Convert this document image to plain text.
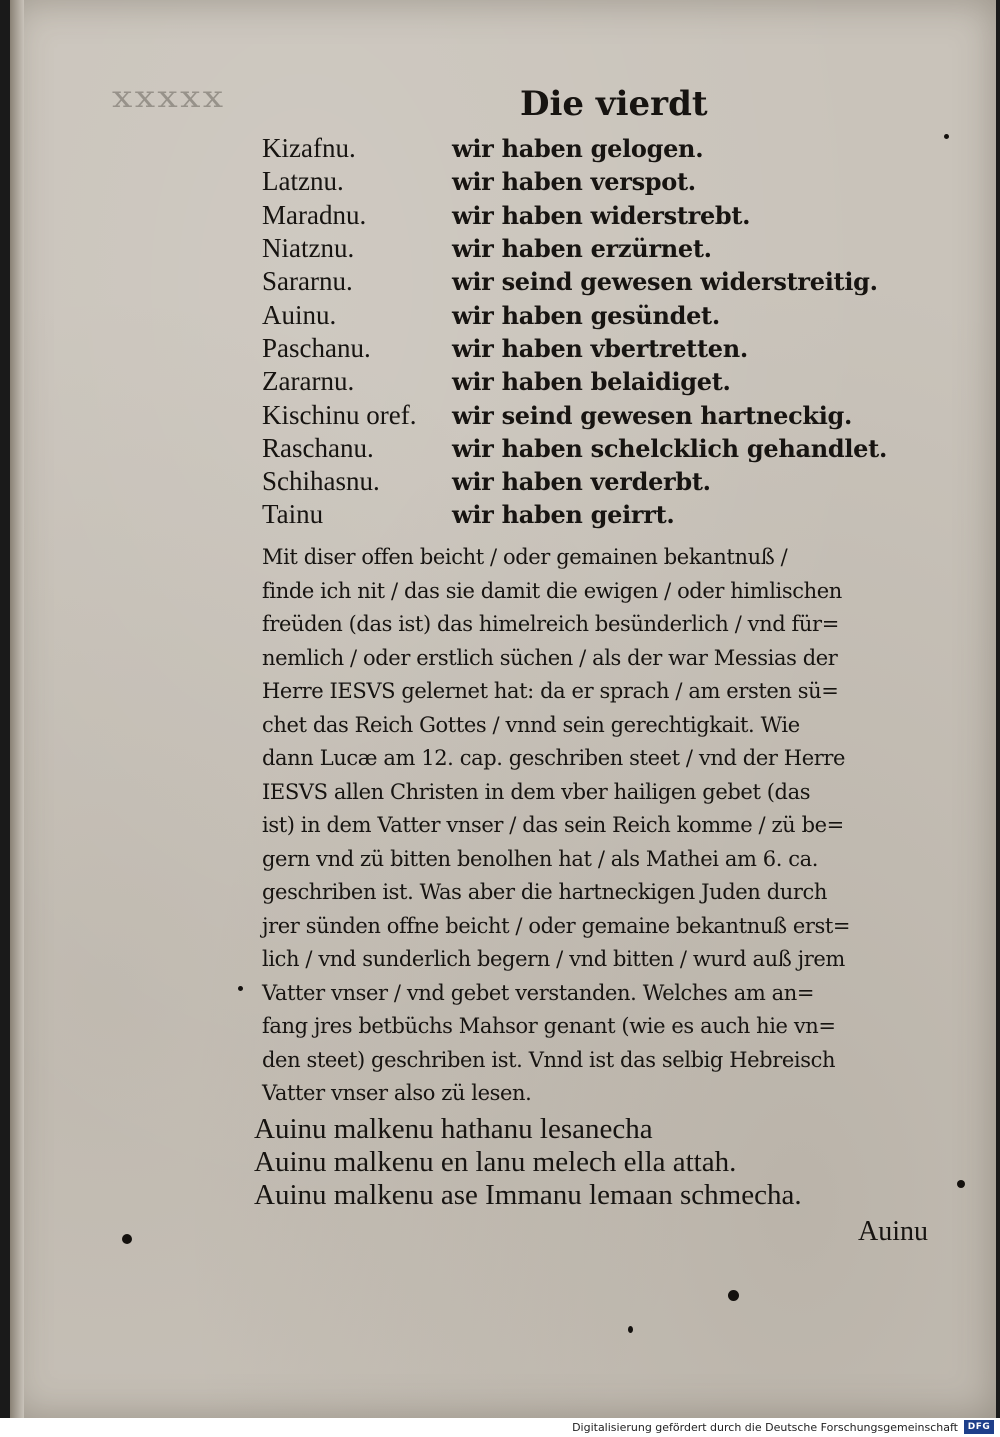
xxxxx	Die vierdt
Kizafnu.	wir haben gelogen.
Latznu.	wir haben verspot.
Maradnu.	wir haben widerstrebt.
Niatznu.	wir haben erzürnet.
Sararnu.	wir seind gewesen widerstreitig.
Auinu.	wir haben gesündet.
Paschanu.	wir haben vbertretten.
Zararnu.	wir haben belaidiget.
Kischinu oref.	wir seind gewesen hartneckig.
Raschanu.	wir haben schelcklich gehandlet.
Schihasnu.	wir haben verderbt.
Tainu	wir haben geirrt.
Mit diser offen beicht / oder gemainen bekantnuß /
finde ich nit / das sie damit die ewigen / oder himlischen
freüden (das ist) das himelreich besünderlich / vnd für=
nemlich / oder erstlich süchen / als der war Messias der
Herre IESVS gelernet hat: da er sprach / am ersten sü=
chet das Reich Gottes / vnnd sein gerechtigkait. Wie
dann Lucæ am 12. cap. geschriben steet / vnd der Herre
IESVS allen Christen in dem vber hailigen gebet (das
ist) in dem Vatter vnser / das sein Reich komme / zü be=
gern vnd zü bitten benolhen hat / als Mathei am 6. ca.
geschriben ist. Was aber die hartneckigen Juden durch
jrer sünden offne beicht / oder gemaine bekantnuß erst=
lich / vnd sunderlich begern / vnd bitten / wurd auß jrem
Vatter vnser / vnd gebet verstanden. Welches am an=
fang jres betbüchs Mahsor genant (wie es auch hie vn=
den steet) geschriben ist. Vnnd ist das selbig Hebreisch
Vatter vnser also zü lesen.
Auinu malkenu hathanu lesanecha
Auinu malkenu en lanu melech ella attah.
Auinu malkenu ase Immanu lemaan schmecha.
Auinu
Digitalisierung gefördert durch die Deutsche Forschungsgemeinschaft	DFG
